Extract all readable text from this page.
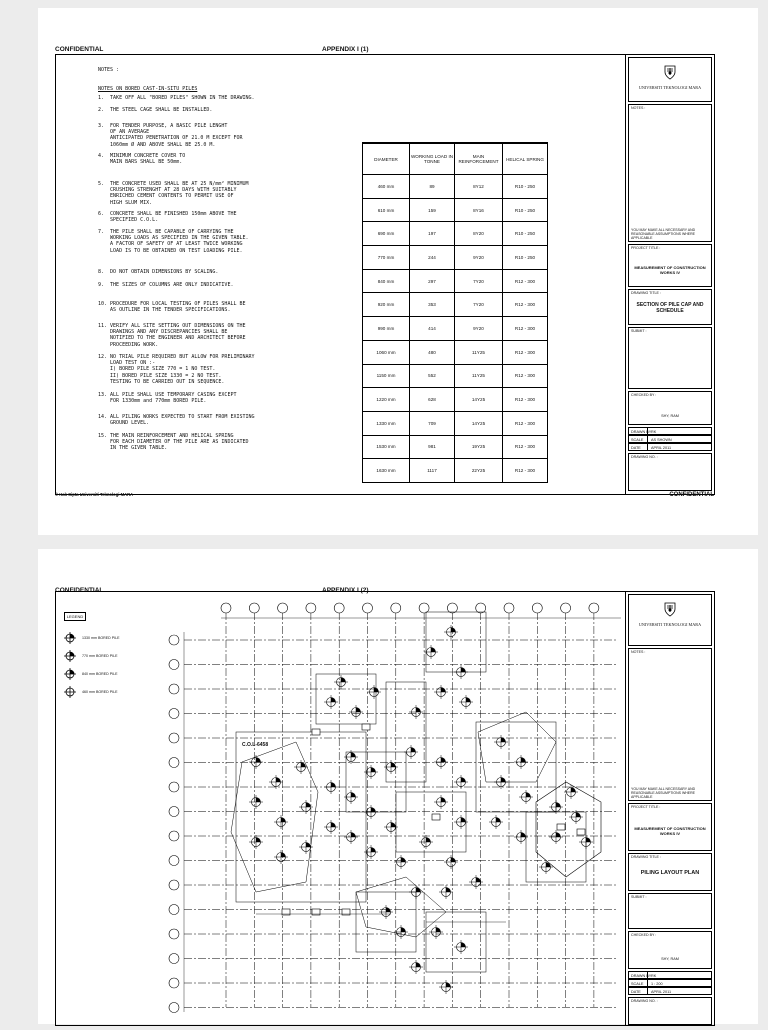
CONFIDENTIAL	APPENDIX I (1)
NOTES :
NOTES ON BORED CAST-IN-SITU PILES
1.  TAKE OFF ALL "BORED PILES" SHOWN IN THE DRAWING.
2.  THE STEEL CAGE SHALL BE INSTALLED.
3.  FOR TENDER PURPOSE, A BASIC PILE LENGHT
OF AN AVERAGE
ANTICIPATED PENETRATION OF 21.0 M EXCEPT FOR
1060mm Ø AND ABOVE SHALL BE 25.0 M.
4.  MINIMUM CONCRETE COVER TO
MAIN BARS SHALL BE 50mm.
5.  THE CONCRETE USED SHALL BE AT 25 N/mm² MINIMUM
CRUSHING STRENGHT AT 28 DAYS WITH SUITABLY
ENRICHED CEMENT CONTENTS TO PERMIT USE OF
HIGH SLUM MIX.
6.  CONCRETE SHALL BE FINISHED 150mm ABOVE THE
SPECIFIED C.O.L.
7.  THE PILE SHALL BE CAPABLE OF CARRYING THE
WORKING LOADS AS SPECIFIED IN THE GIVEN TABLE.
A FACTOR OF SAFETY OF AT LEAST TWICE WORKING
LOAD IS TO BE OBTAINED ON TEST LOADING PILE.
8.  DO NOT OBTAIN DIMENSIONS BY SCALING.
9.  THE SIZES OF COLUMNS ARE ONLY INDICATIVE.
10. PROCEDURE FOR LOCAL TESTING OF PILES SHALL BE
AS OUTLINE IN THE TENDER SPECIFICATIONS.
11. VERIFY ALL SITE SETTING OUT DIMENSIONS ON THE
DRAWINGS AND ANY DISCREPANCIES SHALL BE
NOTIFIED TO THE ENGINEER AND ARCHITECT BEFORE
PROCEEDING WORK.
12. NO TRIAL PILE REQUIRED BUT ALLOW FOR PRELIMINARY
LOAD TEST ON :-
I) BORED PILE SIZE 770 = 1 NO TEST.
II) BORED PILE SIZE 1330 = 2 NO TEST.
TESTING TO BE CARRIED OUT IN SEQUENCE.
13. ALL PILE SHALL USE TEMPORARY CASING EXCEPT
FOR 1330mm and 770mm BORED PILE.
14. ALL PILING WORKS EXPECTED TO START FROM EXISTING
GROUND LEVEL.
15. THE MAIN REINFORCEMENT AND HELICAL SPRING
FOR EACH DIAMETER OF THE PILE ARE AS INDICATED
IN THE GIVEN TABLE.
DIAMETER	WORKING LOAD IN TONNE	MAIN REINFORCEMENT	HELICAL SPRING
460 mm	89	8Y12	R10 - 250
610 mm	159	8Y16	R10 - 250
690 mm	197	8Y20	R10 - 250
770 mm	244	9Y20	R10 - 250
840 mm	297	7Y20	R12 - 300
920 mm	353	7Y20	R12 - 300
990 mm	414	9Y20	R12 - 300
1060 mm	480	11Y25	R12 - 300
1150 mm	552	11Y25	R12 - 300
1220 mm	628	14Y25	R12 - 300
1330 mm	709	14Y25	R12 - 300
1530 mm	981	19Y25	R12 - 300
1630 mm	1117	22Y25	R12 - 300
UNIVERSITI TEKNOLOGI MARA
NOTES :
YOU MAY MAKE ALL NECESSARY AND REASONABLE ASSUMPTIONS WHERE APPLICABLE
PROJECT TITLE :
MEASUREMENT OF CONSTRUCTION WORKS IV
DRAWING TITLE :
SECTION OF PILE CAP AND SCHEDULE
SUBMIT :
CHECKED BY :
SHY, RAM
DRAWN BY RK
SCALE AS SHOWN
DATE	APRIL 2011
DRAWING NO. :
© Hak Cipta Universiti Teknologi MARA	CONFIDENTIAL
CONFIDENTIAL	APPENDIX I (2)
LEGEND
1330 mm BORED PILE
770 mm BORED PILE
840 mm BORED PILE
460 mm BORED PILE
C.O.L-6458
UNIVERSITI TEKNOLOGI MARA
NOTES :
YOU MAY MAKE ALL NECESSARY AND REASONABLE ASSUMPTIONS WHERE APPLICABLE
PROJECT TITLE :
MEASUREMENT OF CONSTRUCTION WORKS IV
DRAWING TITLE :
PILING LAYOUT PLAN
SUBMIT :
CHECKED BY :
SHY, RAM
DRAWN BY RK
SCALE 1 : 200
DATE	APRIL 2011
DRAWING NO. :
